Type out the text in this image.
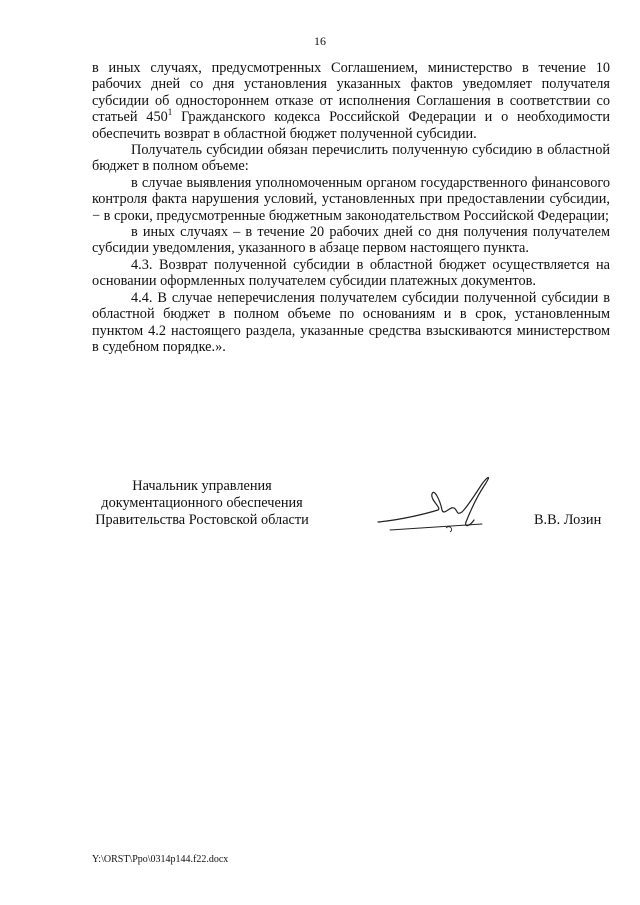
16

в иных случаях, предусмотренных Соглашением, министерство в течение 10 рабочих дней со дня установления указанных фактов уведомляет получателя субсидии об одностороннем отказе от исполнения Соглашения в соответствии со статьей $450^1$ Гражданского кодекса Российской Федерации и о необходимости обеспечить возврат в областной бюджет полученной субсидии.

Получатель субсидии обязан перечислить полученную субсидию в областной бюджет в полном объеме:

в случае выявления уполномоченным органом государственного финансового контроля факта нарушения условий, установленных при предоставлении субсидии, − в сроки, предусмотренные бюджетным законодательством Российской Федерации;

в иных случаях – в течение 20 рабочих дней со дня получения получателем субсидии уведомления, указанного в абзаце первом настоящего пункта.

4.3. Возврат полученной субсидии в областной бюджет осуществляется на основании оформленных получателем субсидии платежных документов.

4.4. В случае неперечисления получателем субсидии полученной субсидии в областной бюджет в полном объеме по основаниям и в срок, установленным пунктом 4.2 настоящего раздела, указанные средства взыскиваются министерством в судебном порядке.».

Начальник управления
документационного обеспечения
Правительства Ростовской области	В.В. Лозин
Y:\ORST\Ppo\0314p144.f22.docx
